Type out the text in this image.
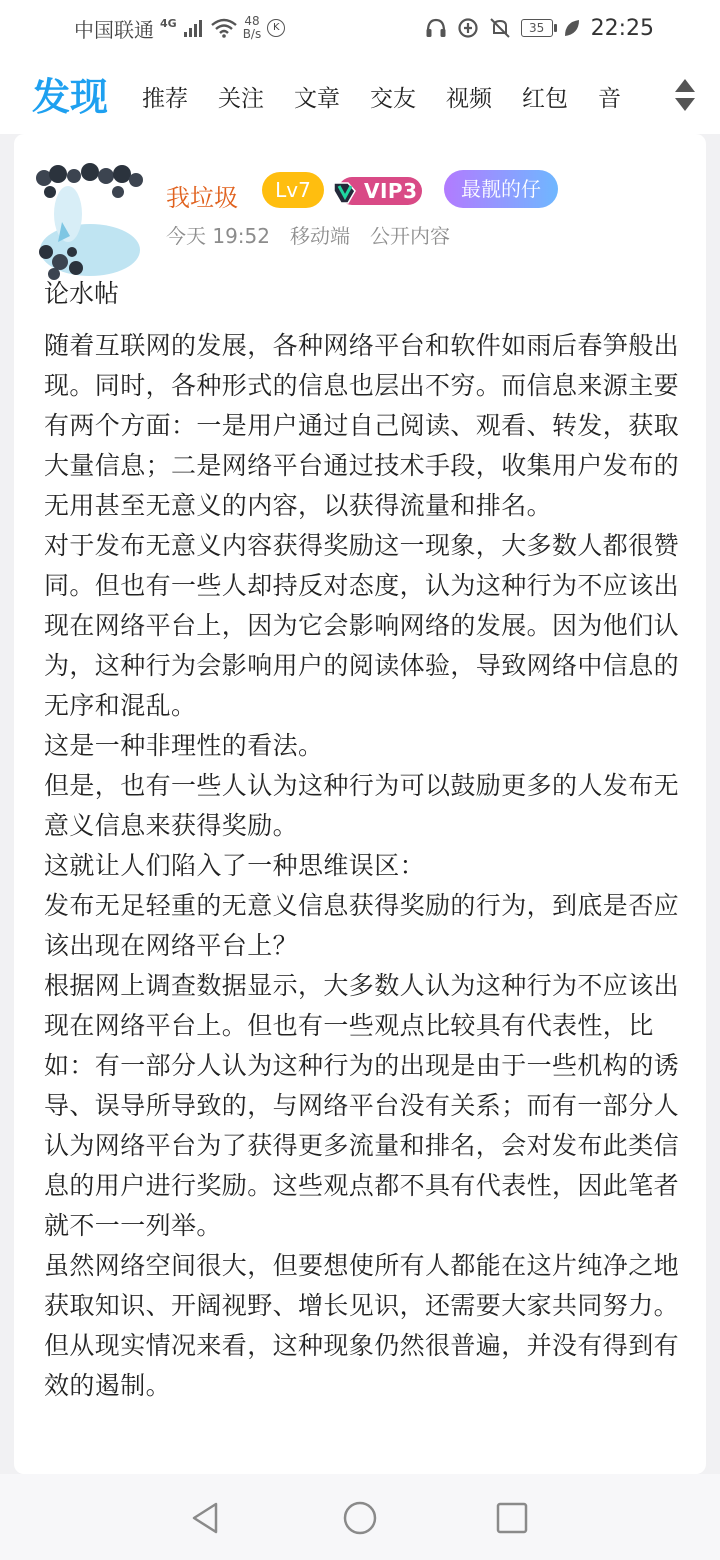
中国联通 4G	48
B/s	K	35	22:25
发现 推荐 关注 文章 交友 视频 红包 音
我垃圾	Lv7	VIP3	最靓的仔
今天 19:52 移动端 公开内容
论水帖

随着互联网的发展，各种网络平台和软件如雨后春笋般出现。同时，各种形式的信息也层出不穷。而信息来源主要有两个方面：一是用户通过自己阅读、观看、转发，获取大量信息；二是网络平台通过技术手段，收集用户发布的无用甚至无意义的内容，以获得流量和排名。

对于发布无意义内容获得奖励这一现象，大多数人都很赞同。但也有一些人却持反对态度，认为这种行为不应该出现在网络平台上，因为它会影响网络的发展。因为他们认为，这种行为会影响用户的阅读体验，导致网络中信息的无序和混乱。

这是一种非理性的看法。

但是，也有一些人认为这种行为可以鼓励更多的人发布无意义信息来获得奖励。

这就让人们陷入了一种思维误区：

发布无足轻重的无意义信息获得奖励的行为，到底是否应该出现在网络平台上？

根据网上调查数据显示，大多数人认为这种行为不应该出现在网络平台上。但也有一些观点比较具有代表性，比如：有一部分人认为这种行为的出现是由于一些机构的诱导、误导所导致的，与网络平台没有关系；而有一部分人认为网络平台为了获得更多流量和排名，会对发布此类信息的用户进行奖励。这些观点都不具有代表性，因此笔者就不一一列举。

虽然网络空间很大，但要想使所有人都能在这片纯净之地获取知识、开阔视野、增长见识，还需要大家共同努力。但从现实情况来看，这种现象仍然很普遍，并没有得到有效的遏制。
